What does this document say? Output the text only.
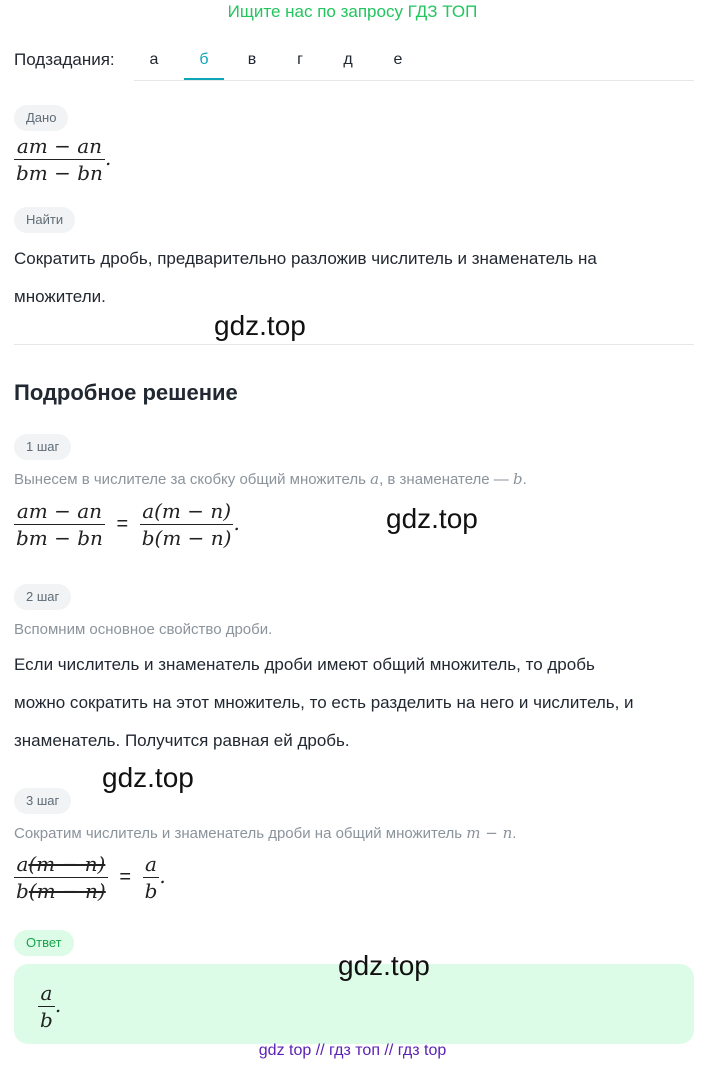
Ищите нас по запросу ГДЗ ТОП
Подзадания:	а	б	в	г	д	е
Дано
$\frac{am - an}{bm - bn}$ .
Найти
Сократить дробь, предварительно разложив числитель и знаменатель на
множители.
gdz.top
Подробное решение
1 шаг
Вынесем в числителе за скобку общий множитель a, в знаменателе — b.
$\frac{am - an}{bm - bn} = \frac{a(m - n)}{b(m - n)}$ .	gdz.top
2 шаг
Вспомним основное свойство дроби.
Если числитель и знаменатель дроби имеют общий множитель, то дробь
можно сократить на этот множитель, то есть разделить на него и числитель, и
знаменатель. Получится равная ей дробь.
gdz.top
3 шаг
Сократим числитель и знаменатель дроби на общий множитель m − n.
$\frac{a(m - n)}{b(m - n)} = \frac{a}{b}$ .
Ответ
$\frac{a}{b}$ .
gdz.top
gdz top // гдз топ // гдз top
